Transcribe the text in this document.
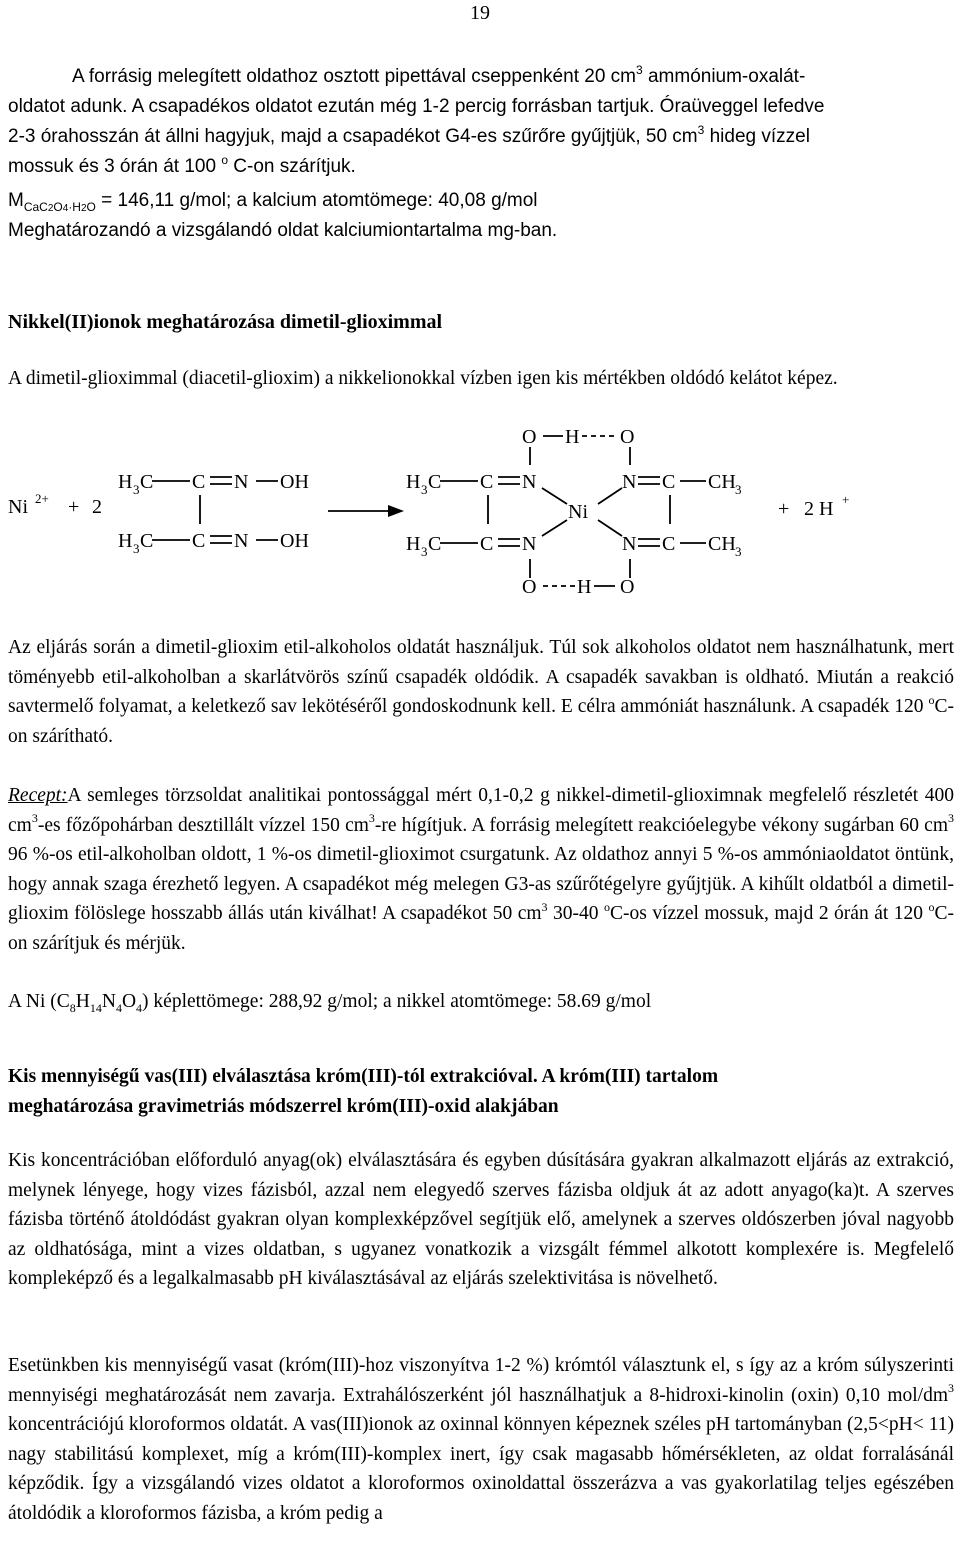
19
A forrásig melegített oldathoz osztott pipettával cseppenként 20 $cm^3$ ammónium-oxalát-
oldatot adunk. A csapadékos oldatot ezután még 1-2 percig forrásban tartjuk. Óraüveggel lefedve
2-3 órahosszán át állni hagyjuk, majd a csapadékot G4-es szűrőre gyűjtjük, 50 $cm^3$ hideg vízzel
mossuk és 3 órán át 100 $^o$ C-on szárítjuk.
$M_{CaC2O4\cdot H2O} = 146,11$ g/mol; a kalcium atomtömege: 40,08 g/mol
Meghatározandó a vizsgálandó oldat kalciumiontartalma mg-ban.
Nikkel(II)ionok meghatározása dimetil-glioximmal
A dimetil-glioximmal (diacetil-glioxim) a nikkelionokkal vízben igen kis mértékben oldódó kelátot képez.
Ni 2+ + 2
H 3 C C N OH
H 3 C C N OH
O H O
H 3 C C N	N C CH 3
Ni
H 3 C C N	N C CH 3
O H O
+ 2 H +
Az eljárás során a dimetil-glioxim etil-alkoholos oldatát használjuk. Túl sok alkoholos oldatot nem használhatunk, mert töményebb etil-alkoholban a skarlátvörös színű csapadék oldódik. A csapadék savakban is oldható. Miután a reakció savtermelő folyamat, a keletkező sav lekötéséről gondoskodnunk kell. E célra ammóniát használunk. A csapadék 120 $^o$C-on szárítható.
Recept:A semleges törzsoldat analitikai pontossággal mért 0,1-0,2 g nikkel-dimetil-glioximnak megfelelő részletét 400 $cm^3-es$ főzőpohárban desztillált vízzel 150 $cm^3-re$ hígítjuk. A forrásig melegített reakcióelegybe vékony sugárban 60 $cm^3$ 96 %-os etil-alkoholban oldott, 1 %-os dimetil-glioximot csurgatunk. Az oldathoz annyi 5 %-os ammóniaoldatot öntünk, hogy annak szaga érezhető legyen. A csapadékot még melegen G3-as szűrőtégelyre gyűjtjük. A kihűlt oldatból a dimetil-glioxim fölöslege hosszabb állás után kiválhat! A csapadékot 50 $cm^3$ 30-40 $^o$C-os vízzel mossuk, majd 2 órán át 120 $^o$C-on szárítjuk és mérjük.
A Ni $(C_8H_{14}N_4O_4)$ képlettömege: 288,92 g/mol; a nikkel atomtömege: 58.69 g/mol
Kis mennyiségű vas(III) elválasztása króm(III)-tól extrakcióval. A króm(III) tartalom
meghatározása gravimetriás módszerrel króm(III)-oxid alakjában
Kis koncentrációban előforduló anyag(ok) elválasztására és egyben dúsítására gyakran alkalmazott eljárás az extrakció, melynek lényege, hogy vizes fázisból, azzal nem elegyedő szerves fázisba oldjuk át az adott anyago(ka)t. A szerves fázisba történő átoldódást gyakran olyan komplexképzővel segítjük elő, amelynek a szerves oldószerben jóval nagyobb az oldhatósága, mint a vizes oldatban, s ugyanez vonatkozik a vizsgált fémmel alkotott komplexére is. Megfelelő kompleképző és a legalkalmasabb pH kiválasztásával az eljárás szelektivitása is növelhető.
Esetünkben kis mennyiségű vasat (króm(III)-hoz viszonyítva 1-2 %) krómtól választunk el, s így az a króm súlyszerinti mennyiségi meghatározását nem zavarja. Extrahálószerként jól használhatjuk a 8-hidroxi-kinolin (oxin) 0,10 mol/$dm^3$ koncentrációjú kloroformos oldatát. A vas(III)ionok az oxinnal könnyen képeznek széles pH tartományban (2,5<pH< 11) nagy stabilitású komplexet, míg a króm(III)-komplex inert, így csak magasabb hőmérsékleten, az oldat forralásánál képződik. Így a vizsgálandó vizes oldatot a kloroformos oxinoldattal összerázva a vas gyakorlatilag teljes egészében átoldódik a kloroformos fázisba, a króm pedig a
